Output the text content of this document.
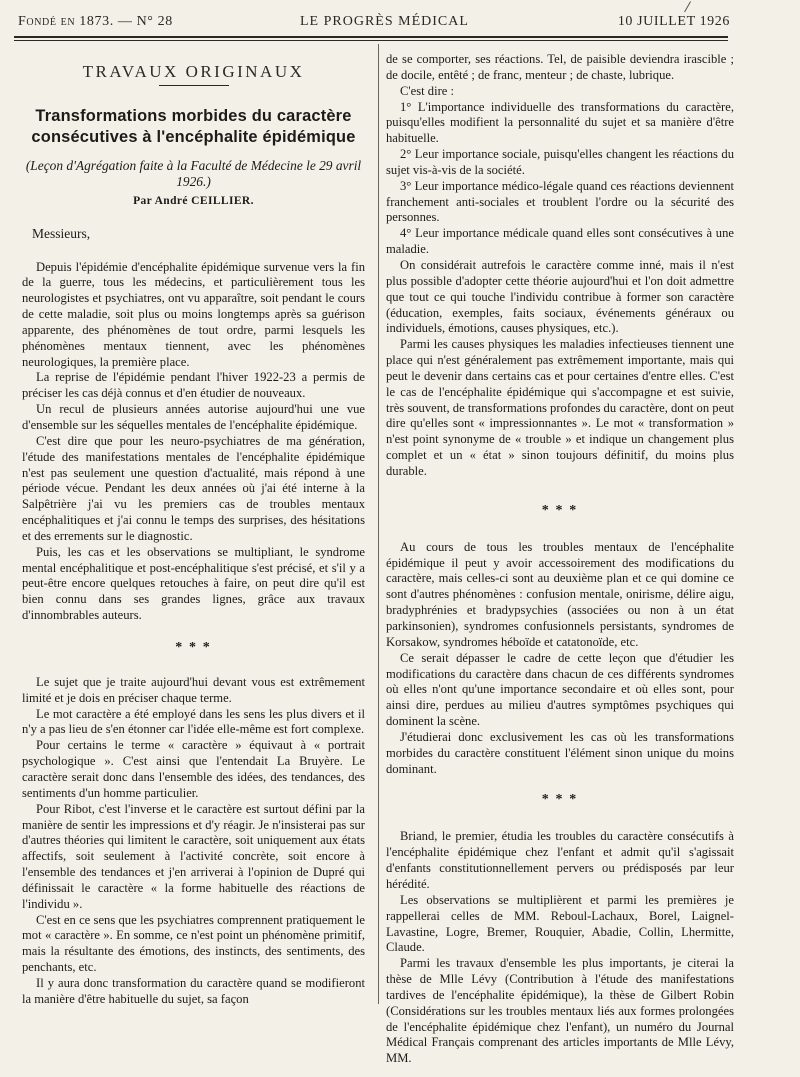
Fondé en 1873. — N° 28	LE PROGRÈS MÉDICAL	10 JUILLET 1926
TRAVAUX ORIGINAUX
Transformations morbides du caractère consécutives à l'encéphalite épidémique
(Leçon d'Agrégation faite à la Faculté de Médecine le 29 avril 1926.)
Par André CEILLIER.
Messieurs,

Depuis l'épidémie d'encéphalite épidémique survenue vers la fin de la guerre, tous les médecins, et particulièrement tous les neurologistes et psychiatres, ont vu apparaître, soit pendant le cours de cette maladie, soit plus ou moins longtemps après sa guérison apparente, des phénomènes de tout ordre, parmi lesquels les phénomènes mentaux tiennent, avec les phénomènes neurologiques, la première place.

La reprise de l'épidémie pendant l'hiver 1922-23 a permis de préciser les cas déjà connus et d'en étudier de nouveaux.

Un recul de plusieurs années autorise aujourd'hui une vue d'ensemble sur les séquelles mentales de l'encéphalite épidémique.

C'est dire que pour les neuro-psychiatres de ma génération, l'étude des manifestations mentales de l'encéphalite épidémique n'est pas seulement une question d'actualité, mais répond à une période vécue. Pendant les deux années où j'ai été interne à la Salpêtrière j'ai vu les premiers cas de troubles mentaux encéphalitiques et j'ai connu le temps des surprises, des hésitations et des errements sur le diagnostic.

Puis, les cas et les observations se multipliant, le syndrome mental encéphalitique et post-encéphalitique s'est précisé, et s'il y a peut-être encore quelques retouches à faire, on peut dire qu'il est bien connu dans ses grandes lignes, grâce aux travaux d'innombrables auteurs.

* * *

Le sujet que je traite aujourd'hui devant vous est extrêmement limité et je dois en préciser chaque terme.

Le mot caractère a été employé dans les sens les plus divers et il n'y a pas lieu de s'en étonner car l'idée elle-même est fort complexe.

Pour certains le terme « caractère » équivaut à « portrait psychologique ». C'est ainsi que l'entendait La Bruyère. Le caractère serait donc dans l'ensemble des idées, des tendances, des sentiments d'un homme particulier.

Pour Ribot, c'est l'inverse et le caractère est surtout défini par la manière de sentir les impressions et d'y réagir. Je n'insisterai pas sur d'autres théories qui limitent le caractère, soit uniquement aux états affectifs, soit seulement à l'activité concrète, soit encore à l'ensemble des tendances et j'en arriverai à l'opinion de Dupré qui définissait le caractère « la forme habituelle des réactions de l'individu ».

C'est en ce sens que les psychiatres comprennent pratiquement le mot « caractère ». En somme, ce n'est point un phénomène primitif, mais la résultante des émotions, des instincts, des sentiments, des penchants, etc.

Il y aura donc transformation du caractère quand se modifieront la manière d'être habituelle du sujet, sa façon

de se comporter, ses réactions. Tel, de paisible deviendra irascible ; de docile, entêté ; de franc, menteur ; de chaste, lubrique.

C'est dire :

1° L'importance individuelle des transformations du caractère, puisqu'elles modifient la personnalité du sujet et sa manière d'être habituelle.

2° Leur importance sociale, puisqu'elles changent les réactions du sujet vis-à-vis de la société.

3° Leur importance médico-légale quand ces réactions deviennent franchement anti-sociales et troublent l'ordre ou la sécurité des personnes.

4° Leur importance médicale quand elles sont consécutives à une maladie.

On considérait autrefois le caractère comme inné, mais il n'est plus possible d'adopter cette théorie aujourd'hui et l'on doit admettre que tout ce qui touche l'individu contribue à former son caractère (éducation, exemples, faits sociaux, événements généraux ou individuels, émotions, causes physiques, etc.).

Parmi les causes physiques les maladies infectieuses tiennent une place qui n'est généralement pas extrêmement importante, mais qui peut le devenir dans certains cas et pour certaines d'entre elles. C'est le cas de l'encéphalite épidémique qui s'accompagne et est suivie, très souvent, de transformations profondes du caractère, dont on peut dire qu'elles sont « impressionnantes ». Le mot « transformation » n'est point synonyme de « trouble » et indique un changement plus complet et un « état » sinon toujours définitif, du moins plus durable.

* * *

Au cours de tous les troubles mentaux de l'encéphalite épidémique il peut y avoir accessoirement des modifications du caractère, mais celles-ci sont au deuxième plan et ce qui domine ce sont d'autres phénomènes : confusion mentale, onirisme, délire aigu, bradyphrénies et bradypsychies (associées ou non à un état parkinsonien), syndromes confusionnels persistants, syndromes de Korsakow, syndromes héboïde et catatonoïde, etc.

Ce serait dépasser le cadre de cette leçon que d'étudier les modifications du caractère dans chacun de ces différents syndromes où elles n'ont qu'une importance secondaire et où elles sont, pour ainsi dire, perdues au milieu d'autres symptômes psychiques qui dominent la scène.

J'étudierai donc exclusivement les cas où les transformations morbides du caractère constituent l'élément sinon unique du moins dominant.

* * *

Briand, le premier, étudia les troubles du caractère consécutifs à l'encéphalite épidémique chez l'enfant et admit qu'il s'agissait d'enfants constitutionnellement pervers ou prédisposés par leur hérédité.

Les observations se multiplièrent et parmi les premières je rappellerai celles de MM. Reboul-Lachaux, Borel, Laignel-Lavastine, Logre, Bremer, Rouquier, Abadie, Collin, Lhermitte, Claude.

Parmi les travaux d'ensemble les plus importants, je citerai la thèse de Mlle Lévy (Contribution à l'étude des manifestations tardives de l'encéphalite épidémique), la thèse de Gilbert Robin (Considérations sur les troubles mentaux liés aux formes prolongées de l'encéphalite épidémique chez l'enfant), un numéro du Journal Médical Français comprenant des articles importants de Mlle Lévy, MM.
